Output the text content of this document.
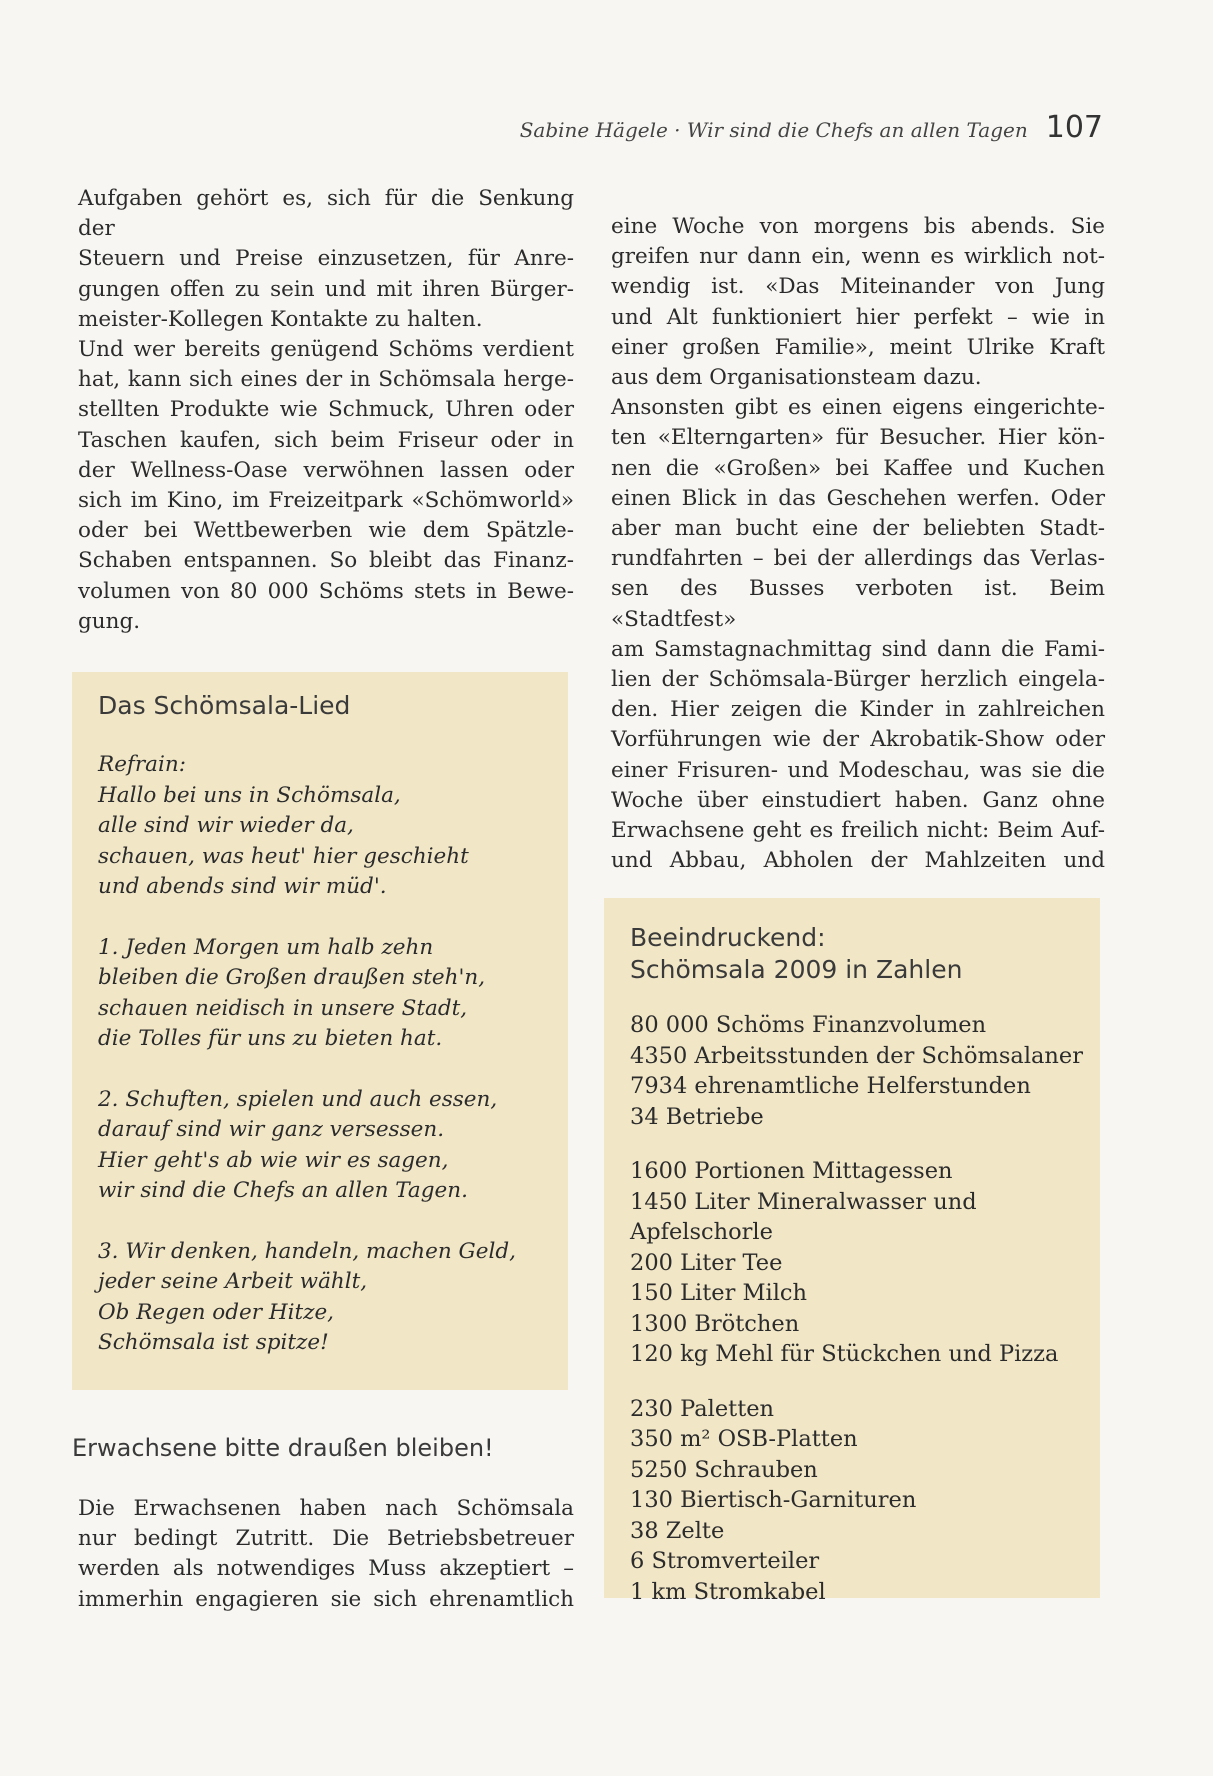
Sabine Hägele · Wir sind die Chefs an allen Tagen 107

Aufgaben gehört es, sich für die Senkung der

Steuern und Preise einzusetzen, für Anre-

gungen offen zu sein und mit ihren Bürger-

meister-Kollegen Kontakte zu halten.

Und wer bereits genügend Schöms verdient

hat, kann sich eines der in Schömsala herge-

stellten Produkte wie Schmuck, Uhren oder

Taschen kaufen, sich beim Friseur oder in

der Wellness-Oase verwöhnen lassen oder

sich im Kino, im Freizeitpark «Schömworld»

oder bei Wettbewerben wie dem Spätzle-

Schaben entspannen. So bleibt das Finanz-

volumen von 80 000 Schöms stets in Bewe-

gung.

eine Woche von morgens bis abends. Sie

greifen nur dann ein, wenn es wirklich not-

wendig ist. «Das Miteinander von Jung

und Alt funktioniert hier perfekt – wie in

einer großen Familie», meint Ulrike Kraft

aus dem Organisationsteam dazu.

Ansonsten gibt es einen eigens eingerichte-

ten «Elterngarten» für Besucher. Hier kön-

nen die «Großen» bei Kaffee und Kuchen

einen Blick in das Geschehen werfen. Oder

aber man bucht eine der beliebten Stadt-

rundfahrten – bei der allerdings das Verlas-

sen des Busses verboten ist. Beim «Stadtfest»

am Samstagnachmittag sind dann die Fami-

lien der Schömsala-Bürger herzlich eingela-

den. Hier zeigen die Kinder in zahlreichen

Vorführungen wie der Akrobatik-Show oder

einer Frisuren- und Modeschau, was sie die

Woche über einstudiert haben. Ganz ohne

Erwachsene geht es freilich nicht: Beim Auf-

und Abbau, Abholen der Mahlzeiten und

Das Schömsala-Lied
Refrain:
Hallo bei uns in Schömsala,
alle sind wir wieder da,
schauen, was heut' hier geschieht
und abends sind wir müd'.
1. Jeden Morgen um halb zehn
bleiben die Großen draußen steh'n,
schauen neidisch in unsere Stadt,
die Tolles für uns zu bieten hat.
2. Schuften, spielen und auch essen,
darauf sind wir ganz versessen.
Hier geht's ab wie wir es sagen,
wir sind die Chefs an allen Tagen.
3. Wir denken, handeln, machen Geld,
jeder seine Arbeit wählt,
Ob Regen oder Hitze,
Schömsala ist spitze!
Beeindruckend:
Schömsala 2009 in Zahlen
80 000 Schöms Finanzvolumen
4350 Arbeitsstunden der Schömsalaner
7934 ehrenamtliche Helferstunden
34 Betriebe
1600 Portionen Mittagessen
1450 Liter Mineralwasser und
Apfelschorle
200 Liter Tee
150 Liter Milch
1300 Brötchen
120 kg Mehl für Stückchen und Pizza
230 Paletten
350 m² OSB-Platten
5250 Schrauben
130 Biertisch-Garnituren
38 Zelte
6 Stromverteiler
1 km Stromkabel
Erwachsene bitte draußen bleiben!

Die Erwachsenen haben nach Schömsala

nur bedingt Zutritt. Die Betriebsbetreuer

werden als notwendiges Muss akzeptiert –

immerhin engagieren sie sich ehrenamtlich
